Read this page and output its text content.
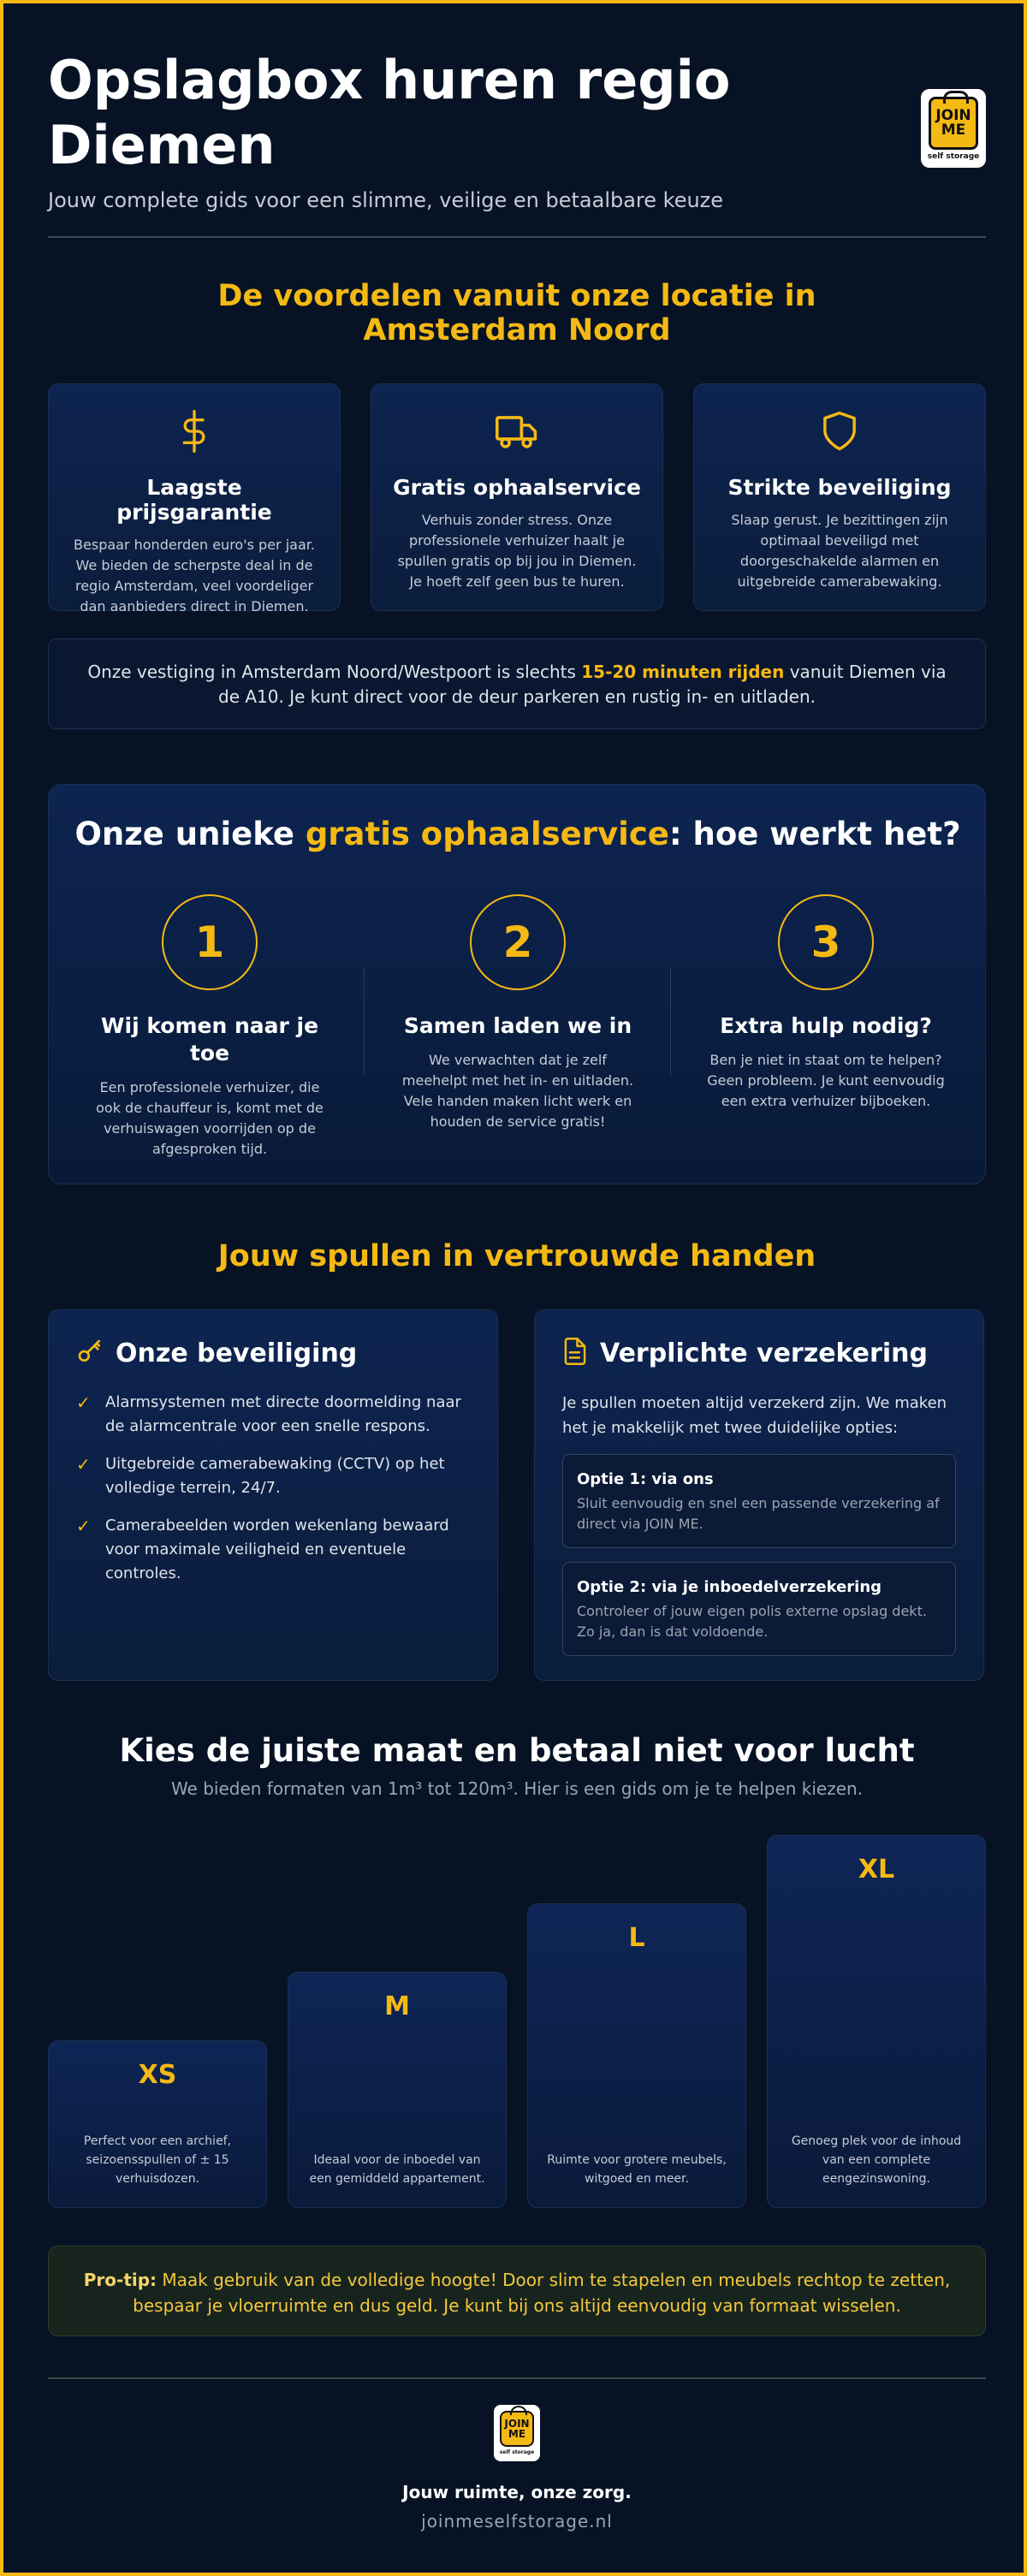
Opslagbox huren regio Diemen
Jouw complete gids voor een slimme, veilige en betaalbare keuze
JOIN
ME
self storage
De voordelen vanuit onze locatie in Amsterdam Noord
Laagste prijsgarantie

Bespaar honderden euro's per jaar. We bieden de scherpste deal in de regio Amsterdam, veel voordeliger dan aanbieders direct in Diemen.

Gratis ophaalservice

Verhuis zonder stress. Onze professionele verhuizer haalt je spullen gratis op bij jou in Diemen. Je hoeft zelf geen bus te huren.

Strikte beveiliging

Slaap gerust. Je bezittingen zijn optimaal beveiligd met doorgeschakelde alarmen en uitgebreide camerabewaking.

Onze vestiging in Amsterdam Noord/Westpoort is slechts 15-20 minuten rijden vanuit Diemen via de A10. Je kunt direct voor de deur parkeren en rustig in- en uitladen.
Onze unieke gratis ophaalservice: hoe werkt het?
1
Wij komen naar je toe

Een professionele verhuizer, die ook de chauffeur is, komt met de verhuiswagen voorrijden op de afgesproken tijd.

2
Samen laden we in

We verwachten dat je zelf meehelpt met het in- en uitladen. Vele handen maken licht werk en houden de service gratis!

3
Extra hulp nodig?

Ben je niet in staat om te helpen? Geen probleem. Je kunt eenvoudig een extra verhuizer bijboeken.

Jouw spullen in vertrouwde handen
Onze beveiliging
✓ Alarmsystemen met directe doormelding naar de alarmcentrale voor een snelle respons.
✓ Uitgebreide camerabewaking (CCTV) op het volledige terrein, 24/7.
✓ Camerabeelden worden wekenlang bewaard voor maximale veiligheid en eventuele controles.
Verplichte verzekering

Je spullen moeten altijd verzekerd zijn. We maken het je makkelijk met twee duidelijke opties:

Optie 1: via ons

Sluit eenvoudig en snel een passende verzekering af direct via JOIN ME.

Optie 2: via je inboedelverzekering

Controleer of jouw eigen polis externe opslag dekt. Zo ja, dan is dat voldoende.

Kies de juiste maat en betaal niet voor lucht
We bieden formaten van 1m³ tot 120m³. Hier is een gids om je te helpen kiezen.
XS
Perfect voor een archief, seizoensspullen of ± 15 verhuisdozen.
M
Ideaal voor de inboedel van een gemiddeld appartement.
L
Ruimte voor grotere meubels, witgoed en meer.
XL
Genoeg plek voor de inhoud van een complete eengezinswoning.
Pro-tip: Maak gebruik van de volledige hoogte! Door slim te stapelen en meubels rechtop te zetten, bespaar je vloerruimte en dus geld. Je kunt bij ons altijd eenvoudig van formaat wisselen.
JOIN
ME
self storage
Jouw ruimte, onze zorg.
joinmeselfstorage.nl
